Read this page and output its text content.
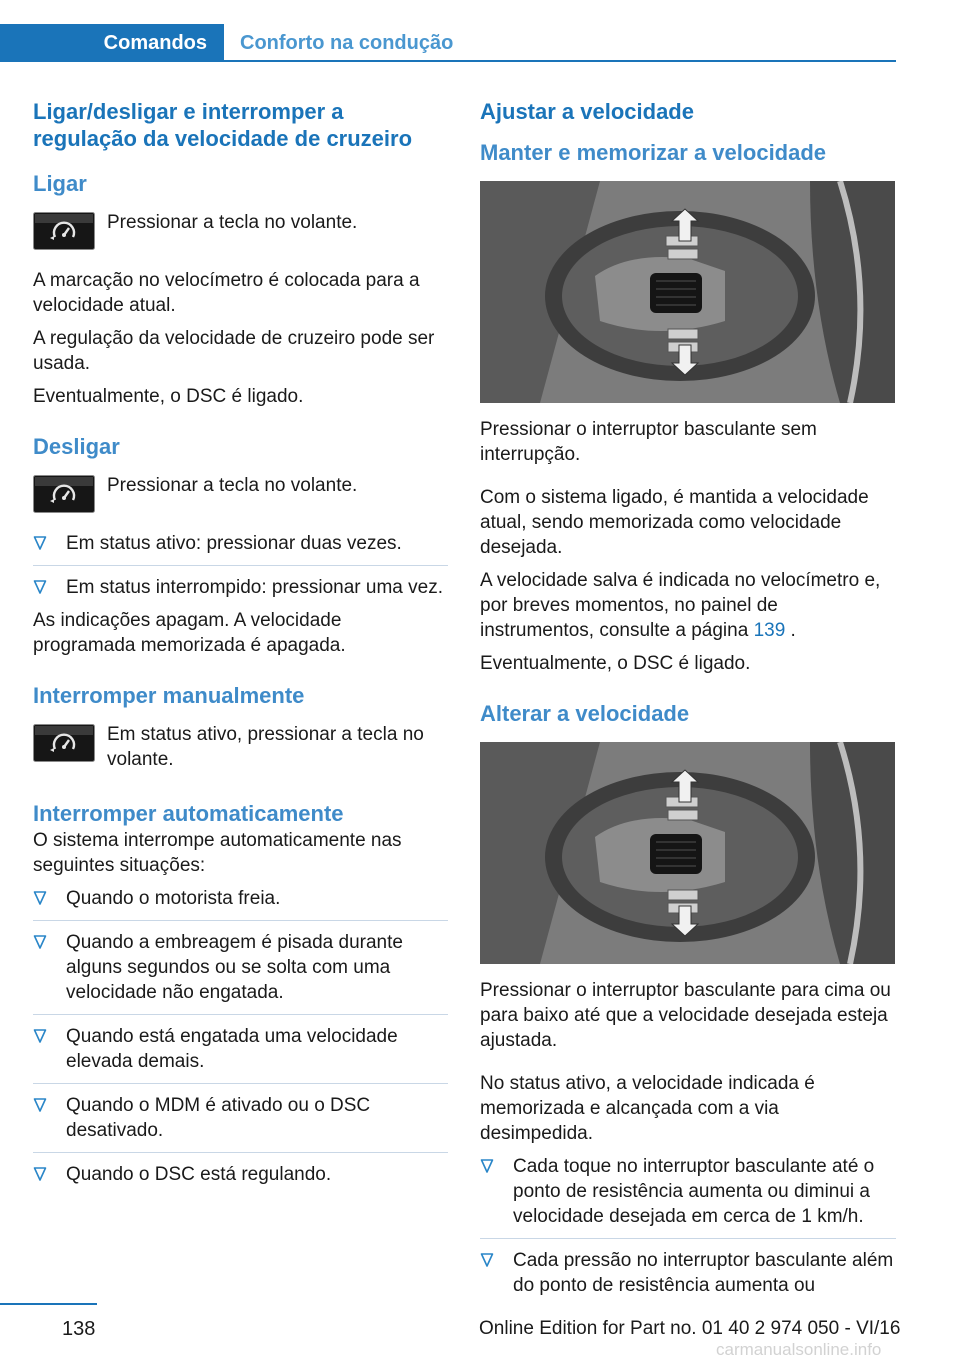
Comandos	Conforto na condução
Ligar/desligar e interromper a regulação da velocidade de cruzeiro
Ligar

Pressionar a tecla no volante.

A marcação no velocímetro é colocada para a velocidade atual.

A regulação da velocidade de cruzeiro pode ser usada.

Eventualmente, o DSC é ligado.

Desligar

Pressionar a tecla no volante.

Em status ativo: pressionar duas vezes.
Em status interrompido: pressionar uma vez.

As indicações apagam. A velocidade programada memorizada é apagada.

Interromper manualmente

Em status ativo, pressionar a tecla no volante.

Interromper automaticamente

O sistema interrompe automaticamente nas seguintes situações:

Quando o motorista freia.
Quando a embreagem é pisada durante alguns segundos ou se solta com uma velocidade não engatada.
Quando está engatada uma velocidade elevada demais.
Quando o MDM é ativado ou o DSC desativado.
Quando o DSC está regulando.
Ajustar a velocidade
Manter e memorizar a velocidade

Pressionar o interruptor basculante sem interrupção.

Com o sistema ligado, é mantida a velocidade atual, sendo memorizada como velocidade desejada.

A velocidade salva é indicada no velocímetro e, por breves momentos, no painel de instrumentos, consulte a página 139 .

Eventualmente, o DSC é ligado.

Alterar a velocidade

Pressionar o interruptor basculante para cima ou para baixo até que a velocidade desejada esteja ajustada.

No status ativo, a velocidade indicada é memorizada e alcançada com a via desimpedida.

Cada toque no interruptor basculante até o ponto de resistência aumenta ou diminui a velocidade desejada em cerca de 1 km/h.
Cada pressão no interruptor basculante além do ponto de resistência aumenta ou
138	Online Edition for Part no. 01 40 2 974 050 - VI/16
carmanualsonline.info
